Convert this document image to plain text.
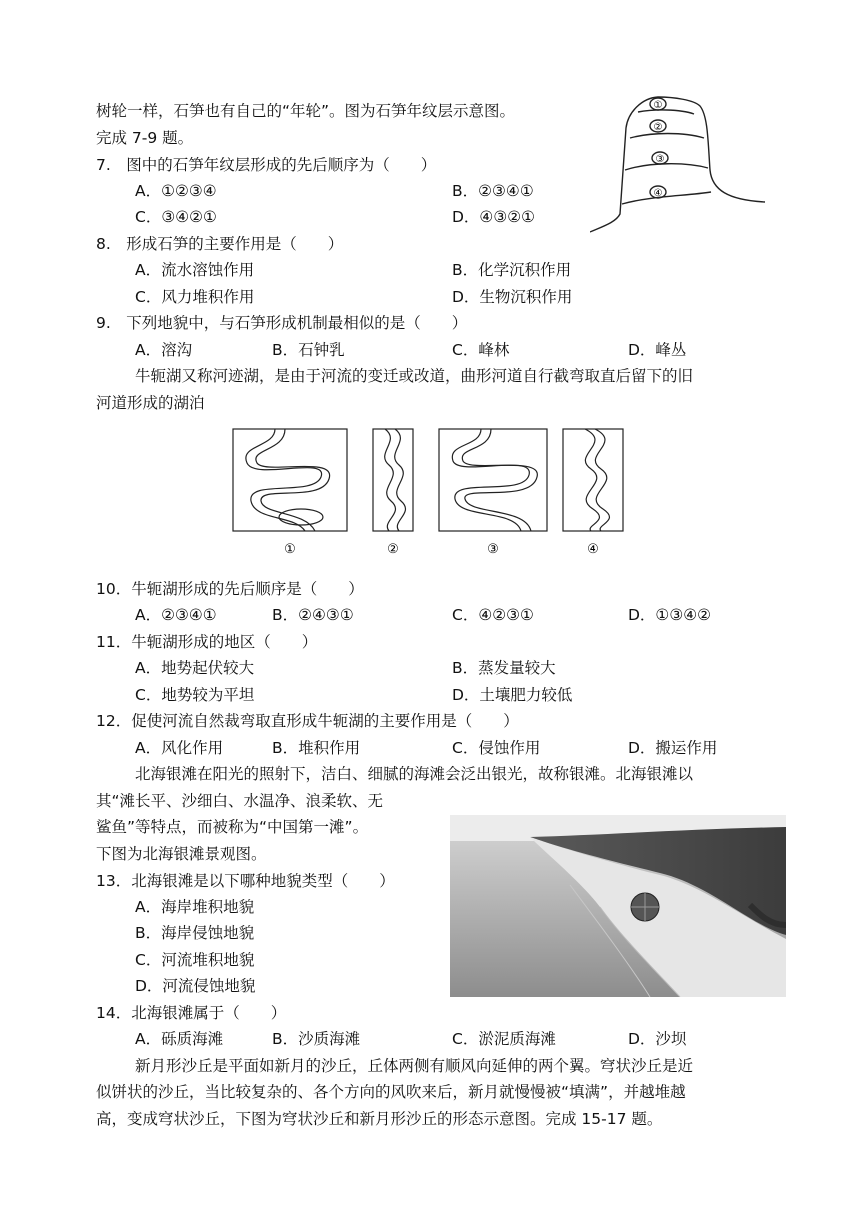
树轮一样，石笋也有自己的“年轮”。图为石笋年纹层示意图。
完成 7-9 题。
①
②
③
④
7.　图中的石笋年纹层形成的先后顺序为（　　）
A．①②③④	B．②③④①
C．③④②①	D．④③②①
8.　形成石笋的主要作用是（　　）
A．流水溶蚀作用	B．化学沉积作用
C．风力堆积作用	D．生物沉积作用
9.　下列地貌中，与石笋形成机制最相似的是（　　）
A．溶沟	B．石钟乳	C．峰林	D．峰丛
牛轭湖又称河迹湖，是由于河流的变迁或改道，曲形河道自行截弯取直后留下的旧
河道形成的湖泊
①	②	③	④
10．牛轭湖形成的先后顺序是（　　）
A．②③④①	B．②④③①	C．④②③①	D．①③④②
11．牛轭湖形成的地区（　　）
A．地势起伏较大	B．蒸发量较大
C．地势较为平坦	D．土壤肥力较低
12．促使河流自然裁弯取直形成牛轭湖的主要作用是（　　）
A．风化作用	B．堆积作用	C．侵蚀作用	D．搬运作用
北海银滩在阳光的照射下，洁白、细腻的海滩会泛出银光，故称银滩。北海银滩以
其“滩长平、沙细白、水温净、浪柔软、无
鲨鱼”等特点，而被称为“中国第一滩”。
下图为北海银滩景观图。
13．北海银滩是以下哪种地貌类型（　　）
A．海岸堆积地貌
B．海岸侵蚀地貌
C．河流堆积地貌
D．河流侵蚀地貌
14．北海银滩属于（　　）
A．砾质海滩	B．沙质海滩	C．淤泥质海滩	D．沙坝
新月形沙丘是平面如新月的沙丘，丘体两侧有顺风向延伸的两个翼。穹状沙丘是近
似饼状的沙丘，当比较复杂的、各个方向的风吹来后，新月就慢慢被“填满”，并越堆越
高，变成穹状沙丘，下图为穹状沙丘和新月形沙丘的形态示意图。完成 15-17 题。
